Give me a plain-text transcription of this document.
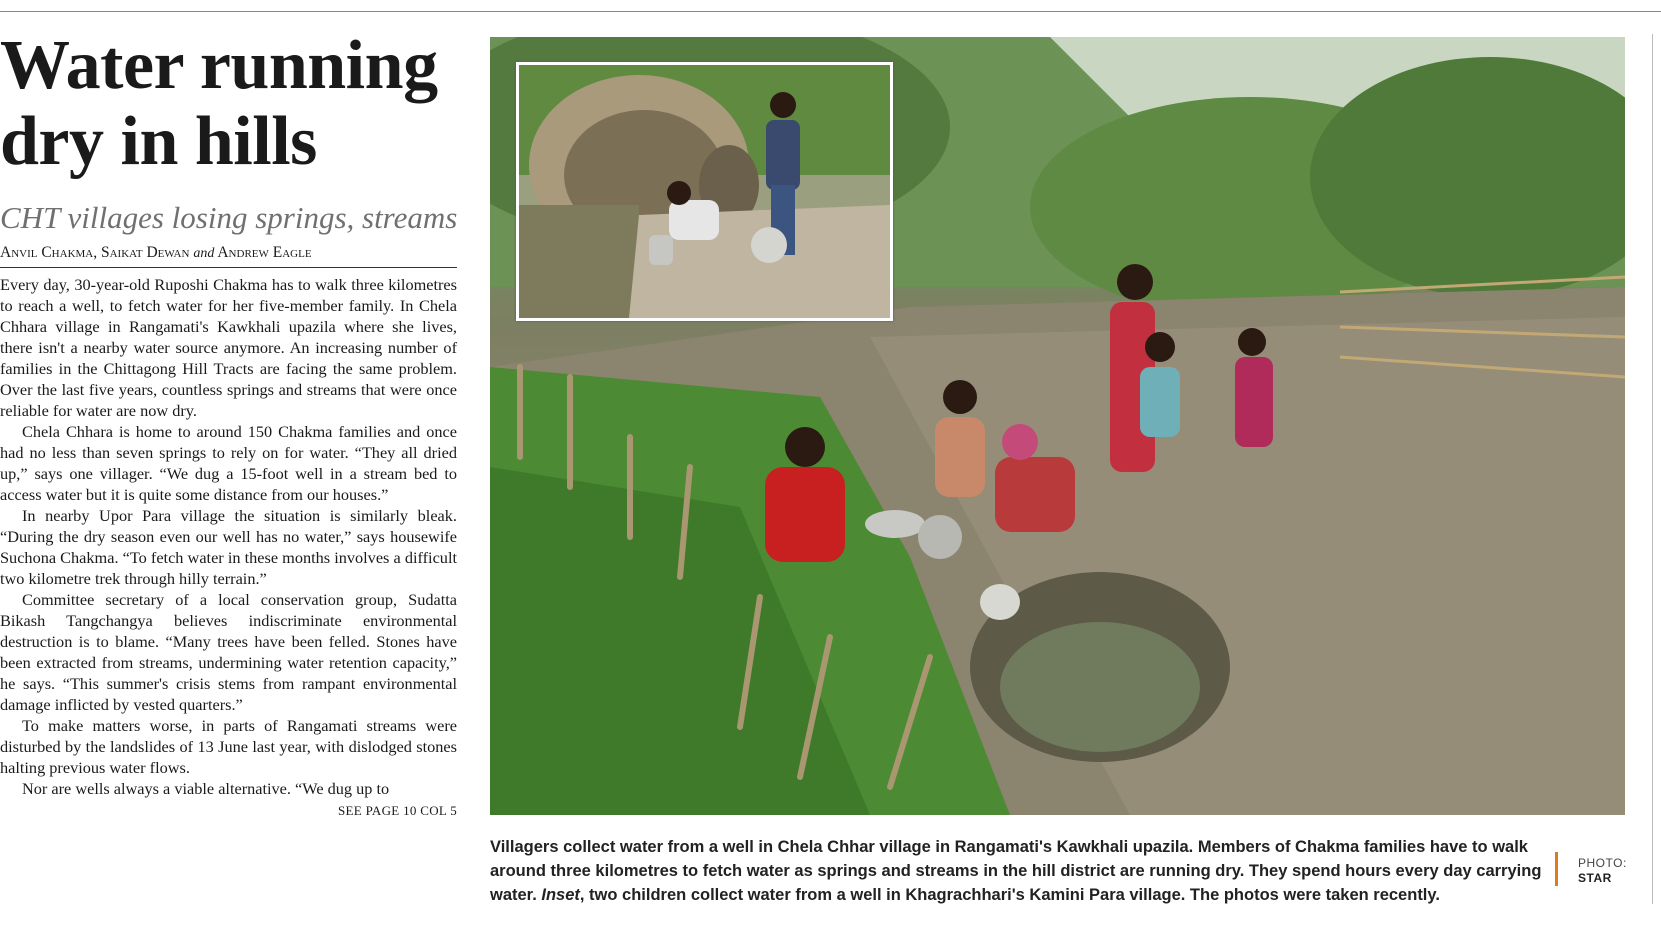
Water running
dry in hills
CHT villages losing springs, streams
Anvil Chakma, Saikat Dewan and Andrew Eagle

Every day, 30-year-old Ruposhi Chakma has to walk three kilometres to reach a well, to fetch water for her five-member family. In Chela Chhara village in Rangamati's Kawkhali upazila where she lives, there isn't a nearby water source anymore. An increasing number of families in the Chittagong Hill Tracts are facing the same problem. Over the last five years, countless springs and streams that were once reliable for water are now dry.

Chela Chhara is home to around 150 Chakma families and once had no less than seven springs to rely on for water. “They all dried up,” says one villager. “We dug a 15-foot well in a stream bed to access water but it is quite some distance from our houses.”

In nearby Upor Para village the situation is similarly bleak. “During the dry season even our well has no water,” says housewife Suchona Chakma. “To fetch water in these months involves a difficult two kilometre trek through hilly terrain.”

Committee secretary of a local conservation group, Sudatta Bikash Tangchangya believes indiscriminate environmental destruction is to blame. “Many trees have been felled. Stones have been extracted from streams, undermining water retention capacity,” he says. “This summer's crisis stems from rampant environmental damage inflicted by vested quarters.”

To make matters worse, in parts of Rangamati streams were disturbed by the landslides of 13 June last year, with dislodged stones halting previous water flows.

Nor are wells always a viable alternative. “We dug up to

SEE PAGE 10 COL 5
Villagers collect water from a well in Chela Chhar village in Rangamati's Kawkhali upazila. Members of Chakma families have to walk around three kilometres to fetch water as springs and streams in the hill district are running dry. They spend hours every day carrying water. Inset, two children collect water from a well in Khagrachhari's Kamini Para village. The photos were taken recently.
PHOTO:
STAR
